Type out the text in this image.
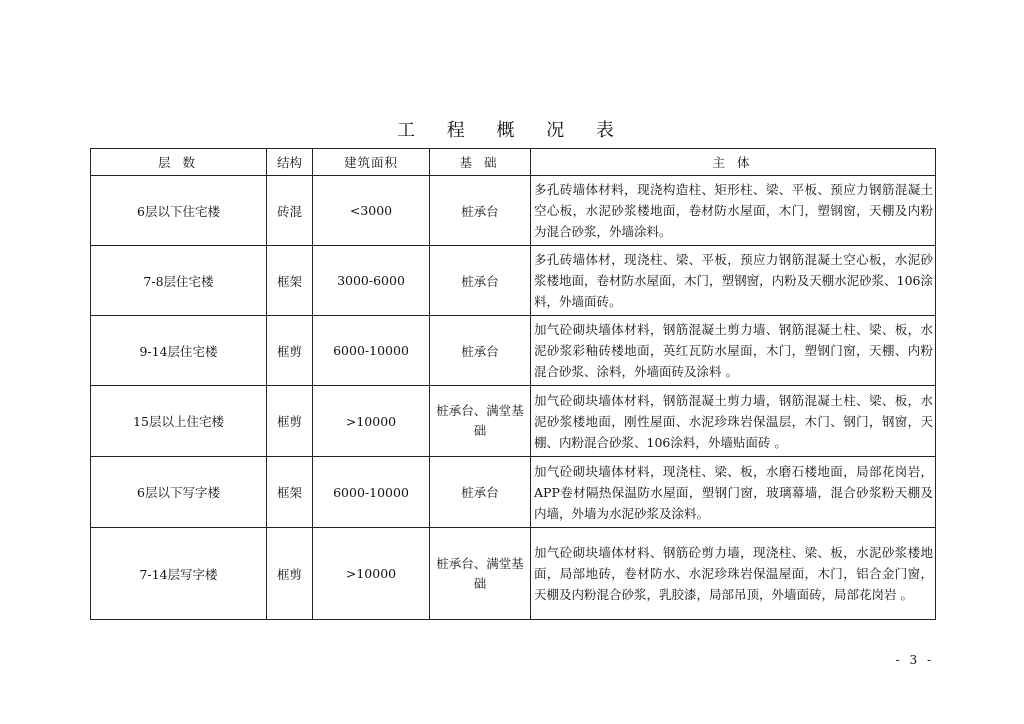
工 程 概 况 表
层 数	结构	建筑面积	基 础	主 体
6层以下住宅楼	砖混	<3000	桩承台	多孔砖墙体材料，现浇构造柱、矩形柱、梁、平板、预应力钢筋混凝土空心板，水泥砂浆楼地面，卷材防水屋面，木门，塑钢窗，天棚及内粉为混合砂浆，外墙涂料。
7-8层住宅楼	框架	3000-6000	桩承台	多孔砖墙体材，现浇柱、梁、平板，预应力钢筋混凝土空心板，水泥砂浆楼地面，卷材防水屋面，木门，塑钢窗，内粉及天棚水泥砂浆、106涂料，外墙面砖。
9-14层住宅楼	框剪	6000-10000	桩承台	加气砼砌块墙体材料，钢筋混凝土剪力墙、钢筋混凝土柱、梁、板，水泥砂浆彩釉砖楼地面，英红瓦防水屋面，木门，塑钢门窗，天棚、内粉混合砂浆、涂料，外墙面砖及涂料 。
15层以上住宅楼	框剪	>10000	桩承台、满堂基础	加气砼砌块墙体材料，钢筋混凝土剪力墙，钢筋混凝土柱、梁、板，水泥砂浆楼地面，刚性屋面、水泥珍珠岩保温层，木门、钢门，钢窗，天棚、内粉混合砂浆、106涂料，外墙贴面砖 。
6层以下写字楼	框架	6000-10000	桩承台	加气砼砌块墙体材料，现浇柱、梁、板，水磨石楼地面，局部花岗岩，APP卷材隔热保温防水屋面，塑钢门窗，玻璃幕墙，混合砂浆粉天棚及内墙，外墙为水泥砂浆及涂料。
7-14层写字楼	框剪	>10000	桩承台、满堂基础	加气砼砌块墙体材料、钢筋砼剪力墙，现浇柱、梁、板，水泥砂浆楼地面，局部地砖，卷材防水、水泥珍珠岩保温屋面，木门，铝合金门窗，天棚及内粉混合砂浆，乳胶漆，局部吊顶，外墙面砖，局部花岗岩 。
- 3 -
